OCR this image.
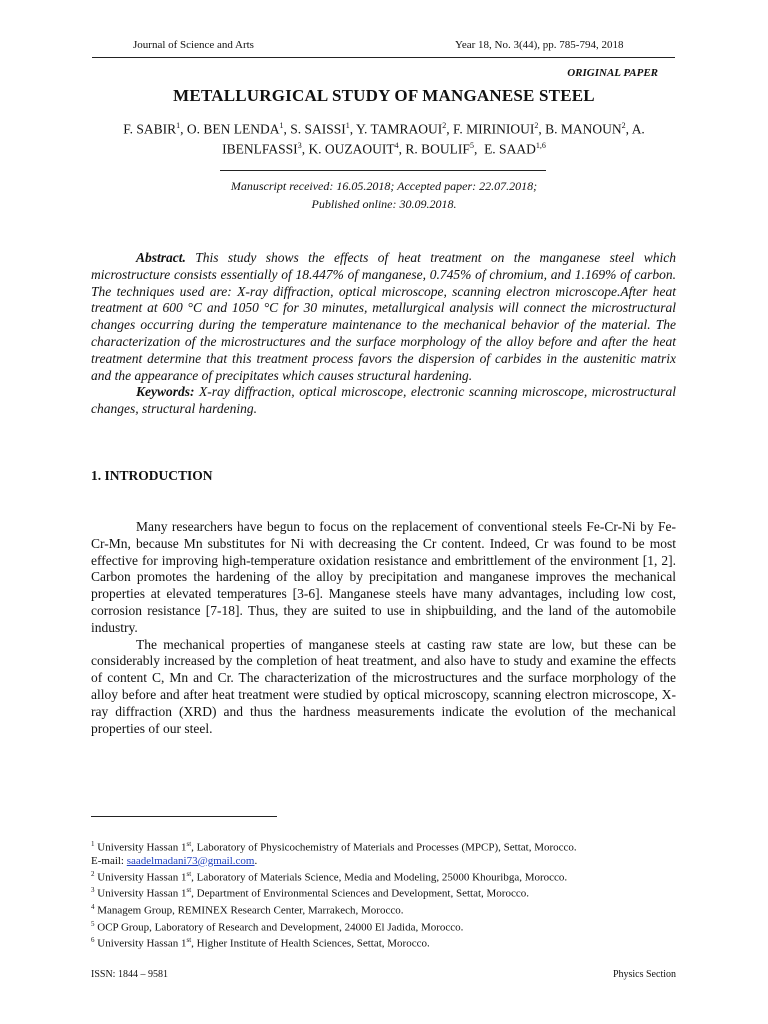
Journal of Science and Arts	Year 18, No. 3(44), pp. 785-794, 2018
ORIGINAL PAPER
METALLURGICAL STUDY OF MANGANESE STEEL
F. SABIR$^1$, O. BEN LENDA$^1$, S. SAISSI$^1$, Y. TAMRAOUI$^2$, F. MIRINIOUI$^2$, B. MANOUN$^2$, A. IBENLFASSI$^3$, K. OUZAOUIT$^4$, R. BOULIF$^5$,  E. SAAD$^{1,6}$
Manuscript received: 16.05.2018; Accepted paper: 22.07.2018;
Published online: 30.09.2018.

Abstract. This study shows the effects of heat treatment on the manganese steel which microstructure consists essentially of 18.447% of manganese, 0.745% of chromium, and 1.169% of carbon. The techniques used are: X-ray diffraction, optical microscope, scanning electron microscope.After heat treatment at 600 °C and 1050 °C for 30 minutes, metallurgical analysis will connect the microstructural changes occurring during the temperature maintenance to the mechanical behavior of the material. The characterization of the microstructures and the surface morphology of the alloy before and after the heat treatment determine that this treatment process favors the dispersion of carbides in the austenitic matrix and the appearance of precipitates which causes structural hardening.

Keywords: X-ray diffraction, optical microscope, electronic scanning microscope, microstructural changes, structural hardening.

1. INTRODUCTION

Many researchers have begun to focus on the replacement of conventional steels Fe-Cr-Ni by Fe-Cr-Mn, because Mn substitutes for Ni with decreasing the Cr content. Indeed, Cr was found to be most effective for improving high-temperature oxidation resistance and embrittlement of the environment [1, 2]. Carbon promotes the hardening of the alloy by precipitation and manganese improves the mechanical properties at elevated temperatures [3-6]. Manganese steels have many advantages, including low cost, corrosion resistance [7-18]. Thus, they are suited to use in shipbuilding, and the land of the automobile industry.

The mechanical properties of manganese steels at casting raw state are low, but these can be considerably increased by the completion of heat treatment, and also have to study and examine the effects of content C, Mn and Cr. The characterization of the microstructures and the surface morphology of the alloy before and after heat treatment were studied by optical microscopy, scanning electron microscope, X-ray diffraction (XRD) and thus the hardness measurements indicate the evolution of the mechanical properties of our steel.

$^1$ University Hassan 1st, Laboratory of Physicochemistry of Materials and Processes (MPCP), Settat, Morocco.
E-mail: saadelmadani73@gmail.com.
$^2$ University Hassan 1st, Laboratory of Materials Science, Media and Modeling, 25000 Khouribga, Morocco.
$^3$ University Hassan 1st, Department of Environmental Sciences and Development, Settat, Morocco.
$^4$ Managem Group, REMINEX Research Center, Marrakech, Morocco.
$^5$ OCP Group, Laboratory of Research and Development, 24000 El Jadida, Morocco.
$^6$ University Hassan 1st, Higher Institute of Health Sciences, Settat, Morocco.
ISSN: 1844 – 9581	Physics Section
